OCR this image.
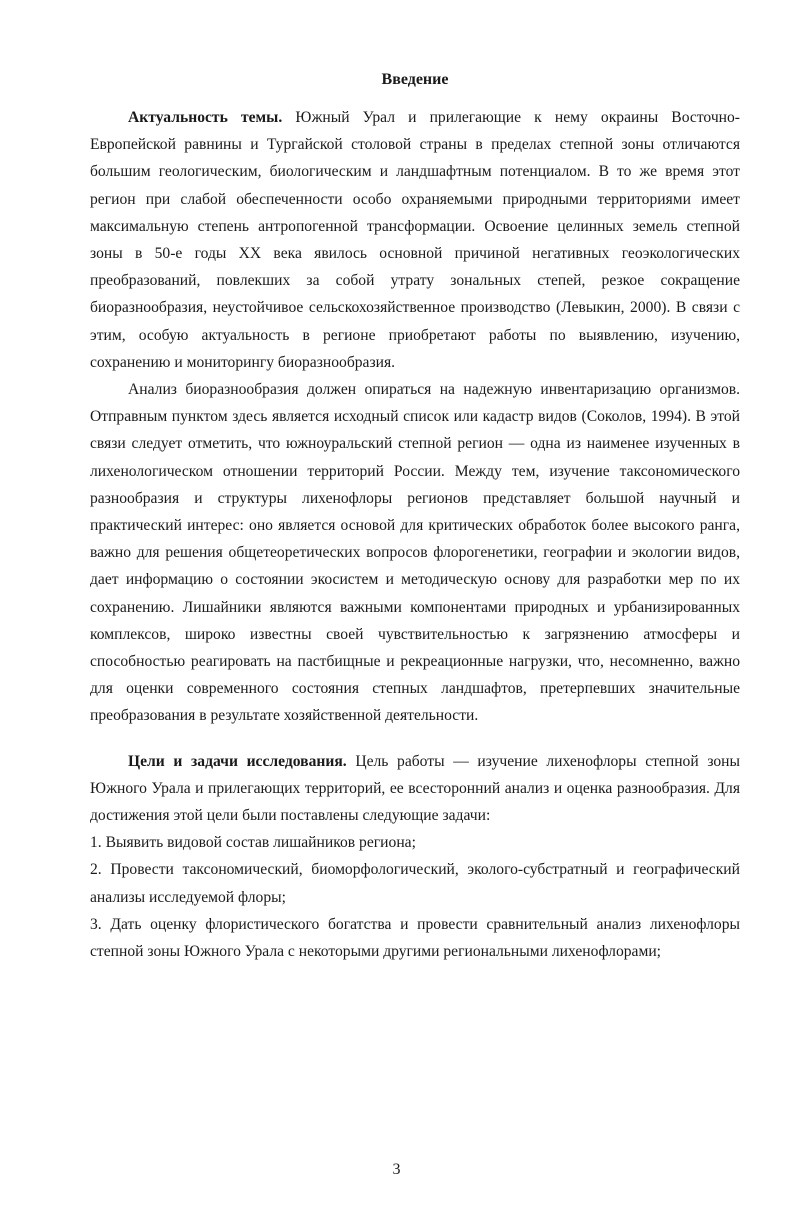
Введение

Актуальность темы. Южный Урал и прилегающие к нему окраины Восточно-Европейской равнины и Тургайской столовой страны в пределах степной зоны отличаются большим геологическим, биологическим и ландшафтным потенциалом. В то же время этот регион при слабой обеспеченности особо охраняемыми природными территориями имеет максимальную степень антропогенной трансформации. Освоение целинных земель степной зоны в 50-е годы XX века явилось основной причиной негативных геоэкологических преобразований, повлекших за собой утрату зональных степей, резкое сокращение биоразнообразия, неустойчивое сельскохозяйственное производство (Левыкин, 2000). В связи с этим, особую актуальность в регионе приобретают работы по выявлению, изучению, сохранению и мониторингу биоразнообразия.

Анализ биоразнообразия должен опираться на надежную инвентаризацию организмов. Отправным пунктом здесь является исходный список или кадастр видов (Соколов, 1994). В этой связи следует отметить, что южноуральский степной регион — одна из наименее изученных в лихенологическом отношении территорий России. Между тем, изучение таксономического разнообразия и структуры лихенофлоры регионов представляет большой научный и практический интерес: оно является основой для критических обработок более высокого ранга, важно для решения общетеоретических вопросов флорогенетики, географии и экологии видов, дает информацию о состоянии экосистем и методическую основу для разработки мер по их сохранению. Лишайники являются важными компонентами природных и урбанизированных комплексов, широко известны своей чувствительностью к загрязнению атмосферы и способностью реагировать на пастбищные и рекреационные нагрузки, что, несомненно, важно для оценки современного состояния степных ландшафтов, претерпевших значительные преобразования в результате хозяйственной деятельности.

Цели и задачи исследования. Цель работы — изучение лихенофлоры степной зоны Южного Урала и прилегающих территорий, ее всесторонний анализ и оценка разнообразия. Для достижения этой цели были поставлены следующие задачи:

1. Выявить видовой состав лишайников региона;

2. Провести таксономический, биоморфологический, эколого-субстратный и географический анализы исследуемой флоры;

3. Дать оценку флористического богатства и провести сравнительный анализ лихенофлоры степной зоны Южного Урала с некоторыми другими региональными лихенофлорами;

3
